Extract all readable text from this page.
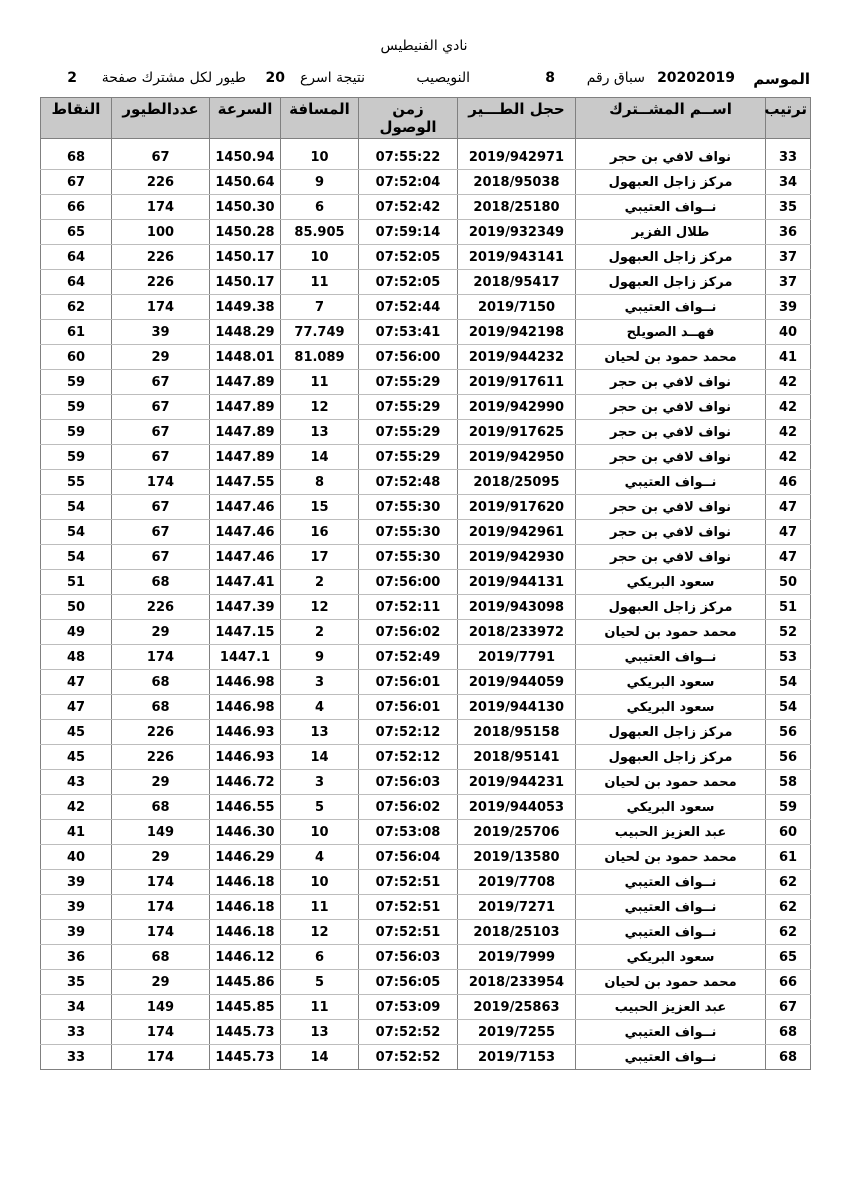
نادي الفنيطيس
الموسم
20202019
سباق رقم
8
النويصيب
نتيجة اسرع
20
طيور لكل مشترك صفحة
2
ترتيب	اســم المشــترك	حجل الطـــير	زمن الوصول	المسافة	السرعة	عددالطيور	النقاط

33	نواف لافي بن حجر	2019/942971	07:55:22	10	1450.94	67	68
34	مركز زاجل العبهول	2018/95038	07:52:04	9	1450.64	226	67
35	نــواف العتيبي	2018/25180	07:52:42	6	1450.30	174	66
36	طلال الفزير	2019/932349	07:59:14	85.905	1450.28	100	65
37	مركز زاجل العبهول	2019/943141	07:52:05	10	1450.17	226	64
37	مركز زاجل العبهول	2018/95417	07:52:05	11	1450.17	226	64
39	نــواف العتيبي	2019/7150	07:52:44	7	1449.38	174	62
40	فهــد الصويلح	2019/942198	07:53:41	77.749	1448.29	39	61
41	محمد حمود بن لحيان	2019/944232	07:56:00	81.089	1448.01	29	60
42	نواف لافي بن حجر	2019/917611	07:55:29	11	1447.89	67	59
42	نواف لافي بن حجر	2019/942990	07:55:29	12	1447.89	67	59
42	نواف لافي بن حجر	2019/917625	07:55:29	13	1447.89	67	59
42	نواف لافي بن حجر	2019/942950	07:55:29	14	1447.89	67	59
46	نــواف العتيبي	2018/25095	07:52:48	8	1447.55	174	55
47	نواف لافي بن حجر	2019/917620	07:55:30	15	1447.46	67	54
47	نواف لافي بن حجر	2019/942961	07:55:30	16	1447.46	67	54
47	نواف لافي بن حجر	2019/942930	07:55:30	17	1447.46	67	54
50	سعود البريكي	2019/944131	07:56:00	2	1447.41	68	51
51	مركز زاجل العبهول	2019/943098	07:52:11	12	1447.39	226	50
52	محمد حمود بن لحيان	2018/233972	07:56:02	2	1447.15	29	49
53	نــواف العتيبي	2019/7791	07:52:49	9	1447.1	174	48
54	سعود البريكي	2019/944059	07:56:01	3	1446.98	68	47
54	سعود البريكي	2019/944130	07:56:01	4	1446.98	68	47
56	مركز زاجل العبهول	2018/95158	07:52:12	13	1446.93	226	45
56	مركز زاجل العبهول	2018/95141	07:52:12	14	1446.93	226	45
58	محمد حمود بن لحيان	2019/944231	07:56:03	3	1446.72	29	43
59	سعود البريكي	2019/944053	07:56:02	5	1446.55	68	42
60	عبد العزيز الحبيب	2019/25706	07:53:08	10	1446.30	149	41
61	محمد حمود بن لحيان	2019/13580	07:56:04	4	1446.29	29	40
62	نــواف العتيبي	2019/7708	07:52:51	10	1446.18	174	39
62	نــواف العتيبي	2019/7271	07:52:51	11	1446.18	174	39
62	نــواف العتيبي	2018/25103	07:52:51	12	1446.18	174	39
65	سعود البريكي	2019/7999	07:56:03	6	1446.12	68	36
66	محمد حمود بن لحيان	2018/233954	07:56:05	5	1445.86	29	35
67	عبد العزيز الحبيب	2019/25863	07:53:09	11	1445.85	149	34
68	نــواف العتيبي	2019/7255	07:52:52	13	1445.73	174	33
68	نــواف العتيبي	2019/7153	07:52:52	14	1445.73	174	33
